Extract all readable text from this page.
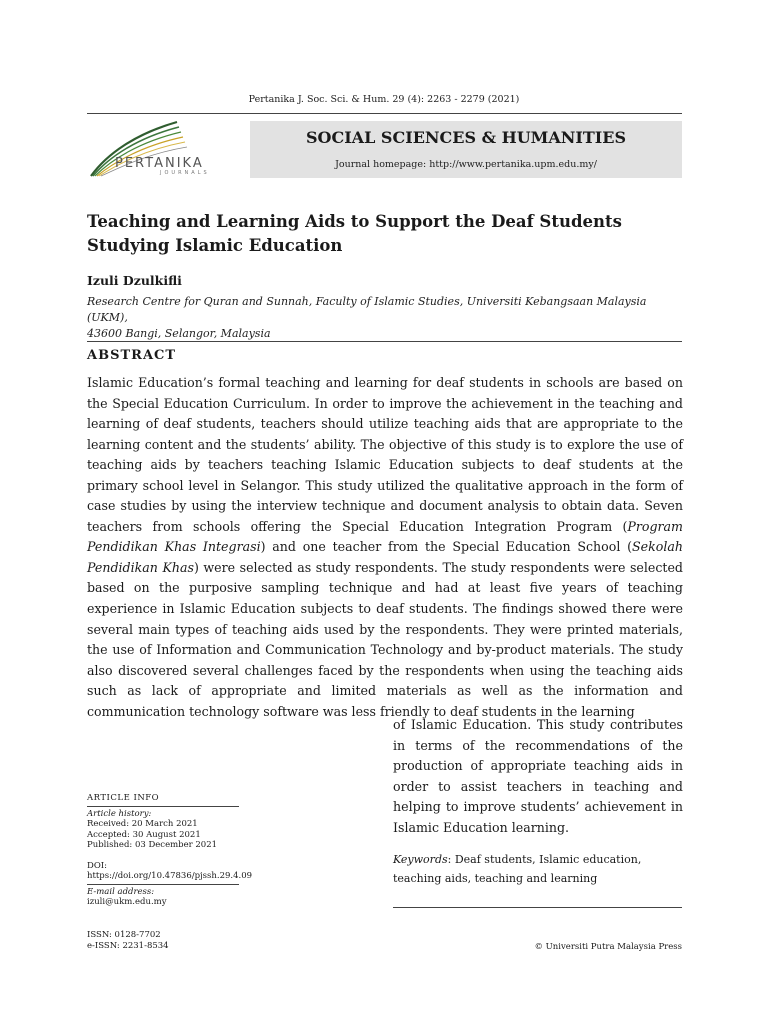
Pertanika J. Soc. Sci. & Hum. 29 (4): 2263 - 2279 (2021)
PERTANIKA
JOURNALS
SOCIAL SCIENCES & HUMANITIES
Journal homepage: http://www.pertanika.upm.edu.my/
Teaching and Learning Aids to Support the Deaf Students Studying Islamic Education
Izuli Dzulkifli
Research Centre for Quran and Sunnah, Faculty of Islamic Studies, Universiti Kebangsaan Malaysia (UKM),
43600 Bangi, Selangor, Malaysia
ABSTRACT

Islamic Education’s formal teaching and learning for deaf students in schools are based on the Special Education Curriculum. In order to improve the achievement in the teaching and learning of deaf students, teachers should utilize teaching aids that are appropriate to the learning content and the students’ ability. The objective of this study is to explore the use of teaching aids by teachers teaching Islamic Education subjects to deaf students at the primary school level in Selangor. This study utilized the qualitative approach in the form of case studies by using the interview technique and document analysis to obtain data. Seven teachers from schools offering the Special Education Integration Program (Program Pendidikan Khas Integrasi) and one teacher from the Special Education School (Sekolah Pendidikan Khas) were selected as study respondents. The study respondents were selected based on the purposive sampling technique and had at least five years of teaching experience in Islamic Education subjects to deaf students. The findings showed there were several main types of teaching aids used by the respondents. They were printed materials, the use of Information and Communication Technology and by-product materials. The study also discovered several challenges faced by the respondents when using the teaching aids such as lack of appropriate and limited materials as well as the information and communication technology software was less friendly to deaf students in the learning

of Islamic Education. This study contributes in terms of the recommendations of the production of appropriate teaching aids in order to assist teachers in teaching and helping to improve students’ achievement in Islamic Education learning.
Keywords: Deaf students, Islamic education, teaching aids, teaching and learning
ARTICLE INFO
Article history:
Received: 20 March 2021
Accepted: 30 August 2021
Published: 03 December 2021
DOI: https://doi.org/10.47836/pjssh.29.4.09
E-mail address:
izuli@ukm.edu.my
ISSN: 0128-7702
e-ISSN: 2231-8534	© Universiti Putra Malaysia Press
